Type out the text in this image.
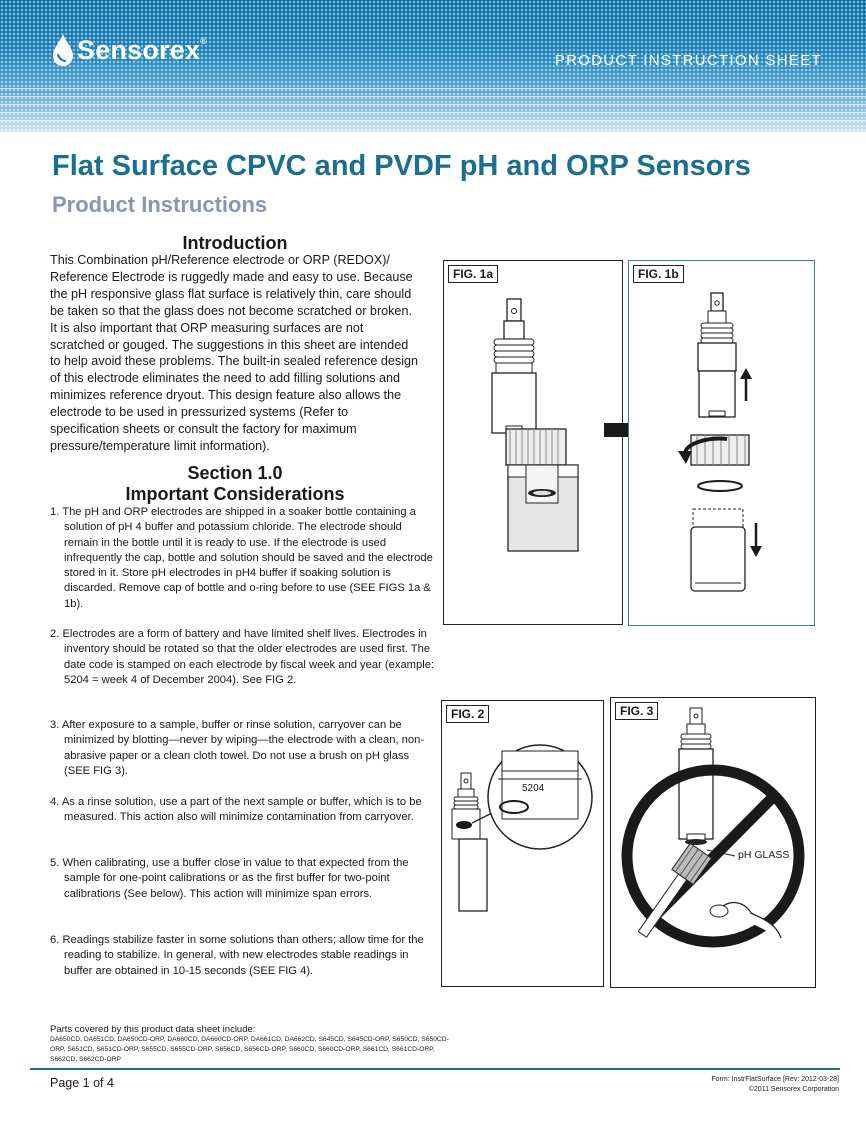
Sensorex ®
PRODUCT INSTRUCTION SHEET
Flat Surface CPVC and PVDF pH and ORP Sensors
Product Instructions
Introduction

This Combination pH/Reference electrode or ORP (REDOX)/ Reference Electrode is ruggedly made and easy to use. Because the pH responsive glass flat surface is relatively thin, care should be taken so that the glass does not become scratched or broken. It is also important that ORP measuring surfaces are not scratched or gouged. The suggestions in this sheet are intended to help avoid these problems. The built-in sealed reference design of this electrode eliminates the need to add filling solutions and minimizes reference dryout. This design feature also allows the electrode to be used in pressurized systems (Refer to specification sheets or consult the factory for maximum pressure/temperature limit information).

Section 1.0
Important Considerations

1. The pH and ORP electrodes are shipped in a soaker bottle containing a solution of pH 4 buffer and potassium chloride. The electrode should remain in the bottle until it is ready to use. If the electrode is used infrequently the cap, bottle and solution should be saved and the electrode stored in it. Store pH electrodes in pH4 buffer if soaking solution is discarded. Remove cap of bottle and o-ring before to use (SEE FIGS 1a & 1b).

2. Electrodes are a form of battery and have limited shelf lives. Electrodes in inventory should be rotated so that the older electrodes are used first. The date code is stamped on each electrode by fiscal week and year (example: 5204 = week 4 of December 2004). See FIG 2.

3. After exposure to a sample, buffer or rinse solution, carryover can be minimized by blotting—never by wiping—the electrode with a clean, non-abrasive paper or a clean cloth towel. Do not use a brush on pH glass (SEE FIG 3).

4. As a rinse solution, use a part of the next sample or buffer, which is to be measured. This action also will minimize contamination from carryover.

5. When calibrating, use a buffer close in value to that expected from the sample for one-point calibrations or as the first buffer for two-point calibrations (See below). This action will minimize span errors.

6. Readings stabilize faster in some solutions than others; allow time for the reading to stabilize. In general, with new electrodes stable readings in buffer are obtained in 10-15 seconds (SEE FIG 4).

FIG. 1a	FIG. 1b
5204
FIG. 2
pH GLASS
FIG. 3

Parts covered by this product data sheet include:

DA650CD, DA651CD, DA650CD-ORP, DA660CD, DA660CD-ORP, DA661CD, DA662CD, S645CD, S645CD-ORP, S650CD, S650CD-ORP, S651CD, S651CD-ORP, S655CD, S655CD-ORP, S656CD, S656CD-ORP, S660CD, S660CD-ORP, S661CD, S661CD-ORP, S662CD, S662CD-ORP

Page 1 of 4	Form: InstrFlatSurface [Rev: 2012-03-28]

©2011 Sensorex Corporation
